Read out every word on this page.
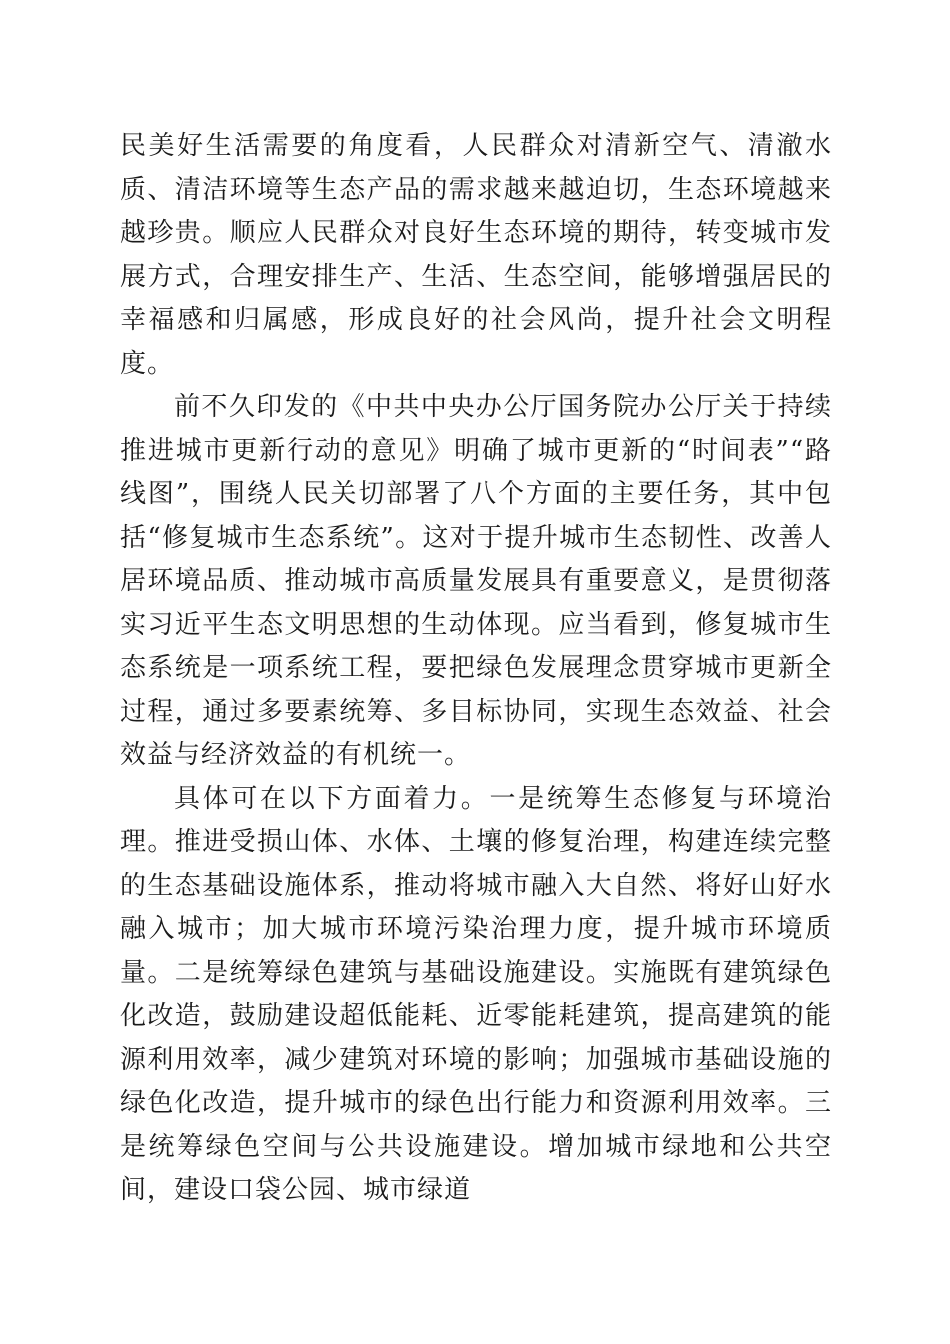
民美好生活需要的角度看，人民群众对清新空气、清澈水质、清洁环境等生态产品的需求越来越迫切，生态环境越来越珍贵。顺应人民群众对良好生态环境的期待，转变城市发展方式，合理安排生产、生活、生态空间，能够增强居民的幸福感和归属感，形成良好的社会风尚，提升社会文明程度。

前不久印发的《中共中央办公厅国务院办公厅关于持续推进城市更新行动的意见》明确了城市更新的“时间表”“路线图”，围绕人民关切部署了八个方面的主要任务，其中包括“修复城市生态系统”。这对于提升城市生态韧性、改善人居环境品质、推动城市高质量发展具有重要意义，是贯彻落实习近平生态文明思想的生动体现。应当看到，修复城市生态系统是一项系统工程，要把绿色发展理念贯穿城市更新全过程，通过多要素统筹、多目标协同，实现生态效益、社会效益与经济效益的有机统一。

具体可在以下方面着力。一是统筹生态修复与环境治理。推进受损山体、水体、土壤的修复治理，构建连续完整的生态基础设施体系，推动将城市融入大自然、将好山好水融入城市；加大城市环境污染治理力度，提升城市环境质量。二是统筹绿色建筑与基础设施建设。实施既有建筑绿色化改造，鼓励建设超低能耗、近零能耗建筑，提高建筑的能源利用效率，减少建筑对环境的影响；加强城市基础设施的绿色化改造，提升城市的绿色出行能力和资源利用效率。三是统筹绿色空间与公共设施建设。增加城市绿地和公共空间，建设口袋公园、城市绿道
